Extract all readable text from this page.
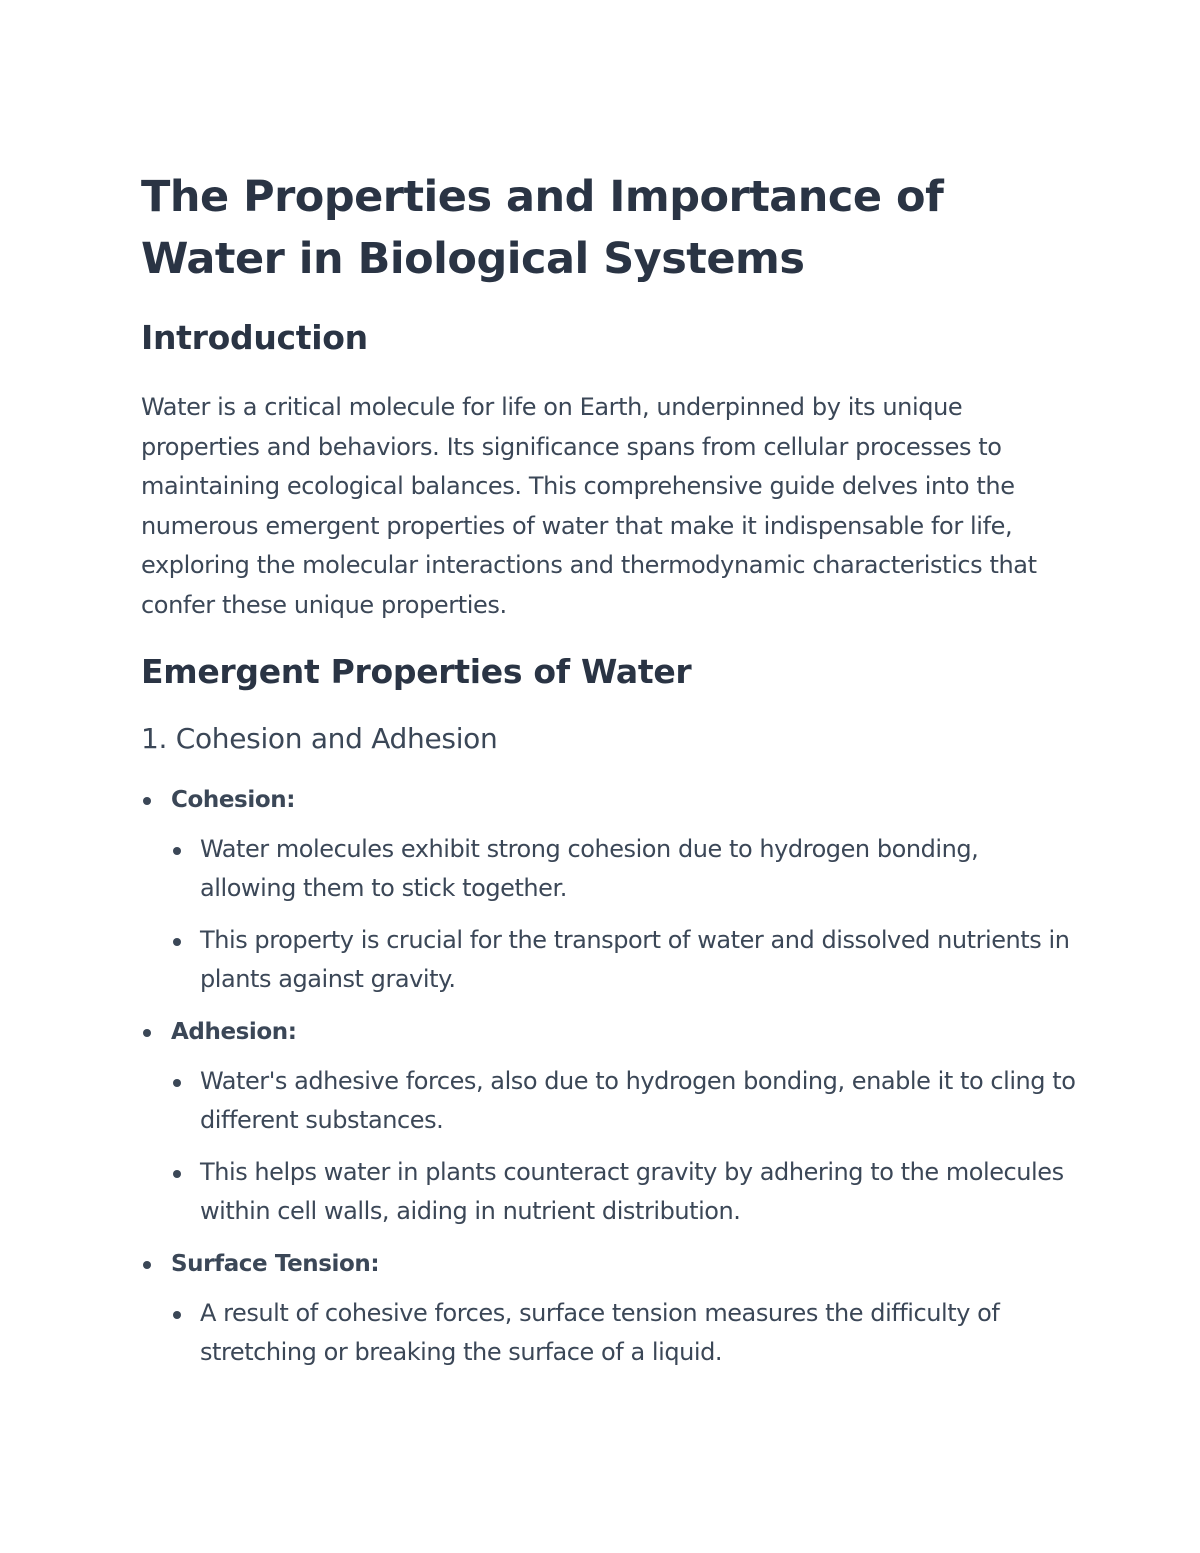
The Properties and Importance of Water in Biological Systems
Introduction

Water is a critical molecule for life on Earth, underpinned by its unique properties and behaviors. Its significance spans from cellular processes to maintaining ecological balances. This comprehensive guide delves into the numerous emergent properties of water that make it indispensable for life, exploring the molecular interactions and thermodynamic characteristics that confer these unique properties.

Emergent Properties of Water
1. Cohesion and Adhesion
Cohesion:
Water molecules exhibit strong cohesion due to hydrogen bonding, allowing them to stick together.
This property is crucial for the transport of water and dissolved nutrients in plants against gravity.
Adhesion:
Water's adhesive forces, also due to hydrogen bonding, enable it to cling to different substances.
This helps water in plants counteract gravity by adhering to the molecules within cell walls, aiding in nutrient distribution.
Surface Tension:
A result of cohesive forces, surface tension measures the difficulty of stretching or breaking the surface of a liquid.
